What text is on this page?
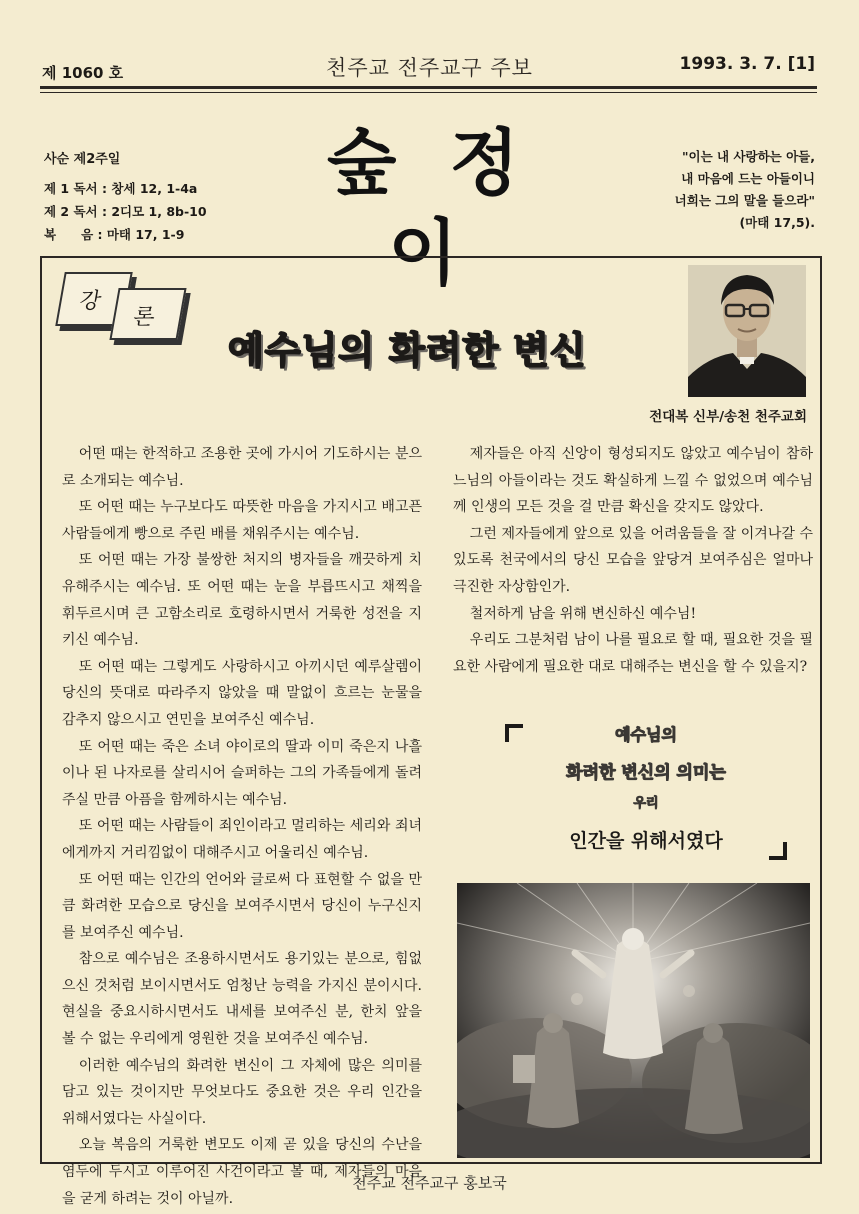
제 1060 호	천주교 전주교구 주보	1993. 3. 7. [1]
사순 제2주일
제 1 독서 : 창세 12, 1-4a
제 2 독서 : 2디모 1, 8b-10
복　　음 : 마태 17, 1-9
숲 정 이
"이는 내 사랑하는 아들,
내 마음에 드는 아들이니
너희는 그의 말을 들으라"
(마태 17,5).
강
론
예수님의 화려한 변신
전대복 신부/송천 천주교회

어떤 때는 한적하고 조용한 곳에 가시어 기도하시는 분으로 소개되는 예수님.

또 어떤 때는 누구보다도 따뜻한 마음을 가지시고 배고픈 사람들에게 빵으로 주린 배를 채워주시는 예수님.

또 어떤 때는 가장 불쌍한 처지의 병자들을 깨끗하게 치유해주시는 예수님. 또 어떤 때는 눈을 부릅뜨시고 채찍을 휘두르시며 큰 고함소리로 호령하시면서 거룩한 성전을 지키신 예수님.

또 어떤 때는 그렇게도 사랑하시고 아끼시던 예루살렘이 당신의 뜻대로 따라주지 않았을 때 말없이 흐르는 눈물을 감추지 않으시고 연민을 보여주신 예수님.

또 어떤 때는 죽은 소녀 야이로의 딸과 이미 죽은지 나흘이나 된 나자로를 살리시어 슬퍼하는 그의 가족들에게 돌려주실 만큼 아픔을 함께하시는 예수님.

또 어떤 때는 사람들이 죄인이라고 멀리하는 세리와 죄녀에게까지 거리낌없이 대해주시고 어울리신 예수님.

또 어떤 때는 인간의 언어와 글로써 다 표현할 수 없을 만큼 화려한 모습으로 당신을 보여주시면서 당신이 누구신지를 보여주신 예수님.

참으로 예수님은 조용하시면서도 용기있는 분으로, 힘없으신 것처럼 보이시면서도 엄청난 능력을 가지신 분이시다. 현실을 중요시하시면서도 내세를 보여주신 분, 한치 앞을 볼 수 없는 우리에게 영원한 것을 보여주신 예수님.

이러한 예수님의 화려한 변신이 그 자체에 많은 의미를 담고 있는 것이지만 무엇보다도 중요한 것은 우리 인간을 위해서였다는 사실이다.

오늘 복음의 거룩한 변모도 이제 곧 있을 당신의 수난을 염두에 두시고 이루어진 사건이라고 볼 때, 제자들의 마음을 굳게 하려는 것이 아닐까.

제자들은 아직 신앙이 형성되지도 않았고 예수님이 참하느님의 아들이라는 것도 확실하게 느낄 수 없었으며 예수님께 인생의 모든 것을 걸 만큼 확신을 갖지도 않았다.

그런 제자들에게 앞으로 있을 어려움들을 잘 이겨나갈 수 있도록 천국에서의 당신 모습을 앞당겨 보여주심은 얼마나 극진한 자상함인가.

철저하게 남을 위해 변신하신 예수님!

우리도 그분처럼 남이 나를 필요로 할 때, 필요한 것을 필요한 사람에게 필요한 대로 대해주는 변신을 할 수 있을지?

예수님의
화려한 변신의 의미는
우리
인간을 위해서였다
천주교 전주교구 홍보국
